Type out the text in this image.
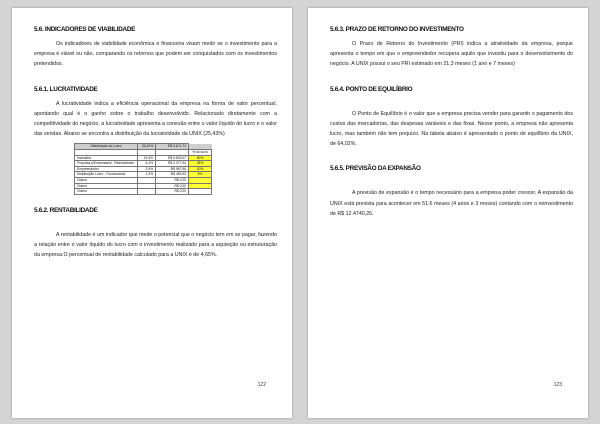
5.6. INDICADORES DE VIABILIDADE

Os indicadores de viabilidade econômica e financeira visam medir se o investimento para a empresa é viável ou não, comparando os retornos que podem ser conquistados com os investimentos pretendidos.

5.6.1. LUCRATIVIDADE

A lucratividade indica a eficiência operacional da empresa na forma de valor percentual, apontando qual é o ganho sobre o trabalho desenvolvido. Relacionado diretamente com a competitividade do negócio, a lucratividade apresenta a conexão entre o valor líquido do lucro e o valor das vendas. Abaixo se encontra a distribuição da lucratividade da UNIX (25,43%)

Distribuição do Lucro	25,43%	R$ 3.671,74	
			% do lucro
Investidor	15,3%	R$ 5.803,07	60%
Proposta p/Empresarial - Reinvestimen	6,4%	R$ 2.477,94	25%
Empreendedor	2,5%	R$ 967,96	10%
Distribuição Lucro - Funcionários	1,3%	R$ 483,93	5%
Outros		R$ 0,00	
Outros		R$ 0,00	
Outros		R$ 0,00	
5.6.2. RENTABILIDADE

A rentabilidade é um indicador que mede o potencial que o negócio tem em se pagar, fazendo a relação entre o valor líquido do lucro com o investimento realizado para a aquisição ou estruturação da empresa.O percentual de rentabilidade calculado para a UNIX é de 4,65%.

122
5.6.3. PRAZO DE RETORNO DO INVESTIMENTO

O Prazo de Retorno do Investimento (PRI) indica a atratividade da empresa, porque apresenta o tempo em que o empreendedor recupera aquilo que investiu para o desenvolvimento do negócio. A UNIX possui o seu PRI estimado em 21,3 meses (1 ano e 7 meses)

5.6.4. PONTO DE EQUILÍBRIO

O Ponto de Equilíbrio é o valor que a empresa precisa vender para garantir o pagamento dos custos das mercadorias, das despesas variáveis e das fixas. Nesse ponto, a empresa não apresenta lucro, mas também não tem prejuízo. Na tabela abaixo é apresentado o ponto de equilíbrio da UNIX, de 64,02%.

5.6.5. PREVISÃO DA EXPANSÃO

A previsão de expansão é o tempo necessário para a empresa poder crescer. A expansão da UNIX está prevista para acontecer em 51,6 meses (4 anos e 3 meses) contando com o reinvestimento de R$ 12.4740,26.

123
